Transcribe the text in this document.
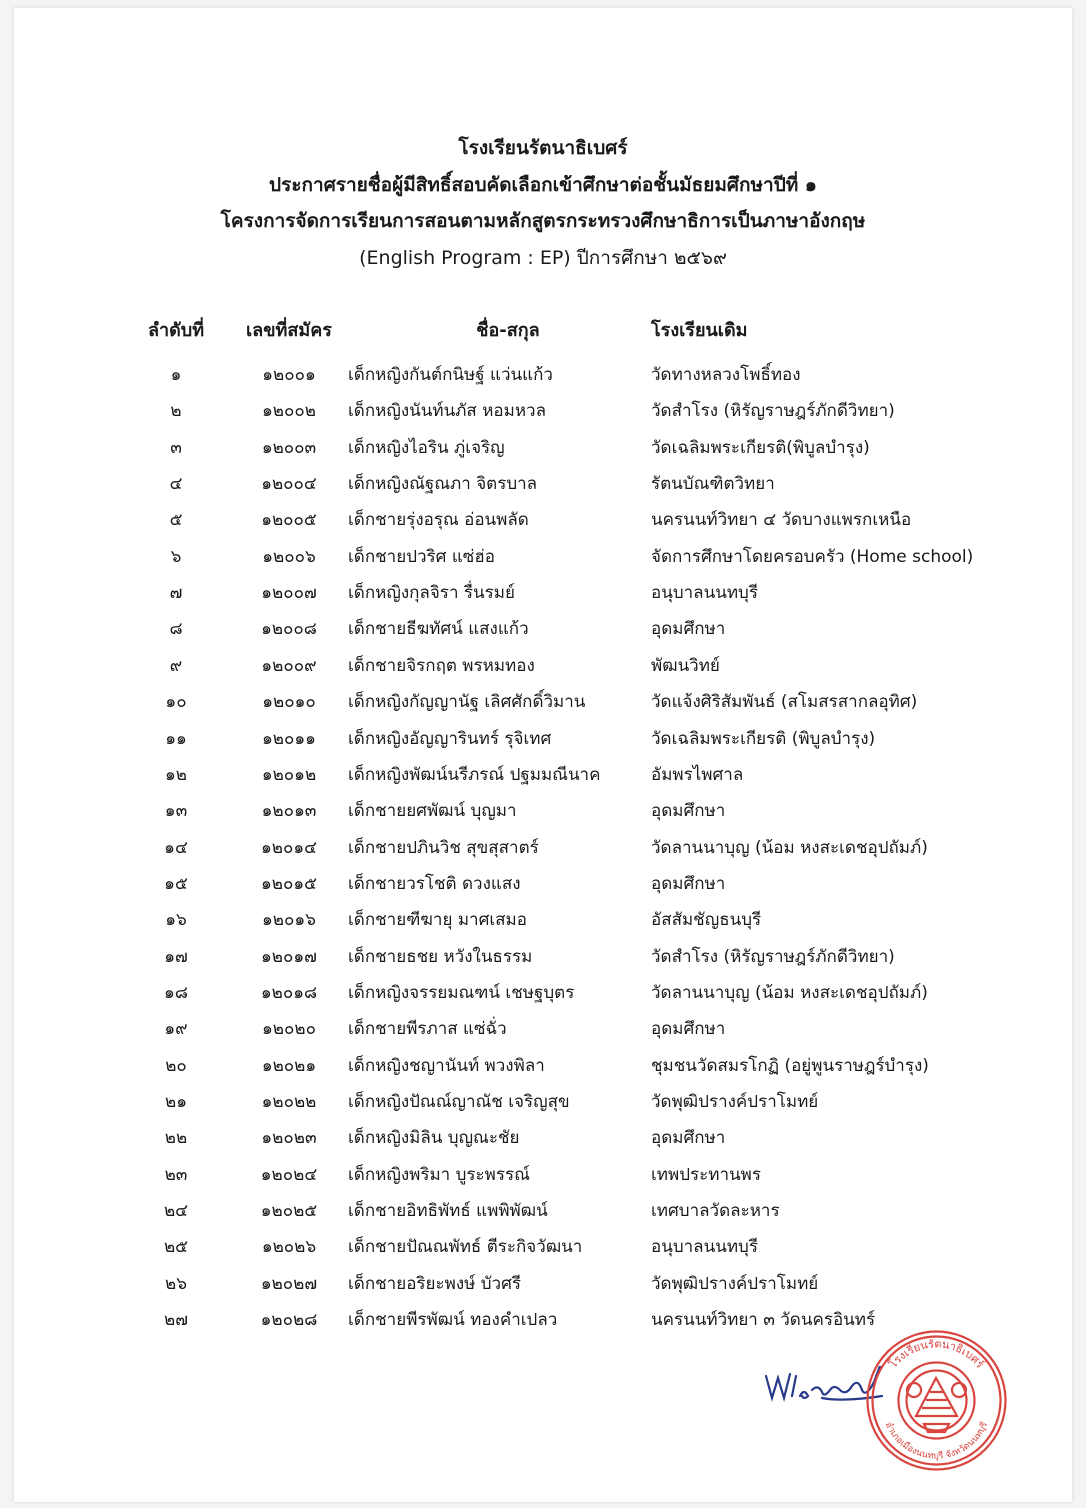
โรงเรียนรัตนาธิเบศร์
ประกาศรายชื่อผู้มีสิทธิ์สอบคัดเลือกเข้าศึกษาต่อชั้นมัธยมศึกษาปีที่ ๑
โครงการจัดการเรียนการสอนตามหลักสูตรกระทรวงศึกษาธิการเป็นภาษาอังกฤษ
(English Program : EP) ปีการศึกษา ๒๕๖๙
ลำดับที่	เลขที่สมัคร	ชื่อ-สกุล	โรงเรียนเดิม
๑	๑๒๐๐๑	เด็กหญิงกันต์กนิษฐ์ แว่นแก้ว	วัดทางหลวงโพธิ์ทอง
๒	๑๒๐๐๒	เด็กหญิงนันท์นภัส หอมหวล	วัดสำโรง (หิรัญราษฎร์ภักดีวิทยา)
๓	๑๒๐๐๓	เด็กหญิงไอริน ภู่เจริญ	วัดเฉลิมพระเกียรติ(พิบูลบำรุง)
๔	๑๒๐๐๔	เด็กหญิงณัฐณภา จิตรบาล	รัตนบัณฑิตวิทยา
๕	๑๒๐๐๕	เด็กชายรุ่งอรุณ อ่อนพลัด	นครนนท์วิทยา ๔ วัดบางแพรกเหนือ
๖	๑๒๐๐๖	เด็กชายปวริศ แซ่ฮ่อ	จัดการศึกษาโดยครอบครัว (Home school)
๗	๑๒๐๐๗	เด็กหญิงกุลจิรา รื่นรมย์	อนุบาลนนทบุรี
๘	๑๒๐๐๘	เด็กชายธีฆทัศน์ แสงแก้ว	อุดมศึกษา
๙	๑๒๐๐๙	เด็กชายจิรกฤต พรหมทอง	พัฒนวิทย์
๑๐	๑๒๐๑๐	เด็กหญิงกัญญานัฐ เลิศศักดิ์วิมาน	วัดแจ้งศิริสัมพันธ์ (สโมสรสากลอุทิศ)
๑๑	๑๒๐๑๑	เด็กหญิงอัญญารินทร์ รุจิเทศ	วัดเฉลิมพระเกียรติ (พิบูลบำรุง)
๑๒	๑๒๐๑๒	เด็กหญิงพัฒน์นรีภรณ์ ปฐมมณีนาค	อัมพรไพศาล
๑๓	๑๒๐๑๓	เด็กชายยศพัฒน์ บุญมา	อุดมศึกษา
๑๔	๑๒๐๑๔	เด็กชายปภินวิช สุขสุสาตร์	วัดลานนาบุญ (น้อม หงสะเดชอุปถัมภ์)
๑๕	๑๒๐๑๕	เด็กชายวรโชติ ดวงแสง	อุดมศึกษา
๑๖	๑๒๐๑๖	เด็กชายฑีฆายุ มาศเสมอ	อัสสัมชัญธนบุรี
๑๗	๑๒๐๑๗	เด็กชายธชย หวังในธรรม	วัดสำโรง (หิรัญราษฎร์ภักดีวิทยา)
๑๘	๑๒๐๑๘	เด็กหญิงจรรยมณฑน์ เชษฐบุตร	วัดลานนาบุญ (น้อม หงสะเดชอุปถัมภ์)
๑๙	๑๒๐๒๐	เด็กชายพีรภาส แซ่ฉั่ว	อุดมศึกษา
๒๐	๑๒๐๒๑	เด็กหญิงชญานันท์ พวงพิลา	ชุมชนวัดสมรโกฏิ (อยู่พูนราษฎร์บำรุง)
๒๑	๑๒๐๒๒	เด็กหญิงปัณณ์ญาณัช เจริญสุข	วัดพุฒิปรางค์ปราโมทย์
๒๒	๑๒๐๒๓	เด็กหญิงมิลิน บุญณะชัย	อุดมศึกษา
๒๓	๑๒๐๒๔	เด็กหญิงพริมา บูระพรรณ์	เทพประทานพร
๒๔	๑๒๐๒๕	เด็กชายอิทธิพัทธ์ แพพิพัฒน์	เทศบาลวัดละหาร
๒๕	๑๒๐๒๖	เด็กชายปัณณพัทธ์ ตีระกิจวัฒนา	อนุบาลนนทบุรี
๒๖	๑๒๐๒๗	เด็กชายอริยะพงษ์ บัวศรี	วัดพุฒิปรางค์ปราโมทย์
๒๗	๑๒๐๒๘	เด็กชายพีรพัฒน์ ทองคำเปลว	นครนนท์วิทยา ๓ วัดนครอินทร์
โรงเรียนรัตนาธิเบศร์
อำเภอเมืองนนทบุรี จังหวัดนนทบุรี
